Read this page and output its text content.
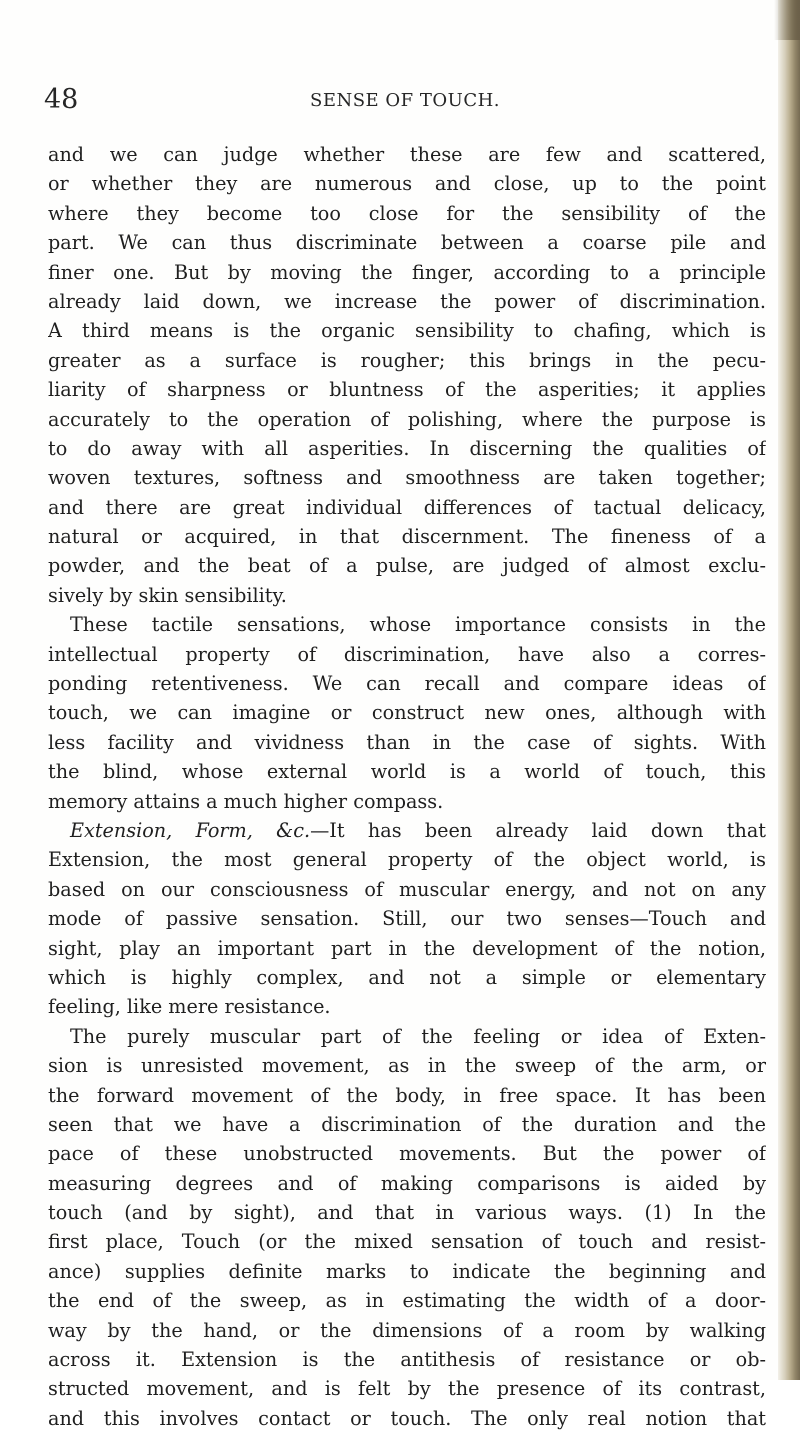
48	SENSE OF TOUCH.
and we can judge whether these are few and scattered,
or whether they are numerous and close, up to the point
where they become too close for the sensibility of the
part. We can thus discriminate between a coarse pile and
finer one. But by moving the finger, according to a principle
already laid down, we increase the power of discrimination.
A third means is the organic sensibility to chafing, which is
greater as a surface is rougher; this brings in the pecu-
liarity of sharpness or bluntness of the asperities; it applies
accurately to the operation of polishing, where the purpose is
to do away with all asperities. In discerning the qualities of
woven textures, softness and smoothness are taken together;
and there are great individual differences of tactual delicacy,
natural or acquired, in that discernment. The fineness of a
powder, and the beat of a pulse, are judged of almost exclu-
sively by skin sensibility.
These tactile sensations, whose importance consists in the
intellectual property of discrimination, have also a corres-
ponding retentiveness. We can recall and compare ideas of
touch, we can imagine or construct new ones, although with
less facility and vividness than in the case of sights. With
the blind, whose external world is a world of touch, this
memory attains a much higher compass.
Extension, Form, &c.—It has been already laid down that
Extension, the most general property of the object world, is
based on our consciousness of muscular energy, and not on any
mode of passive sensation. Still, our two senses—Touch and
sight, play an important part in the development of the notion,
which is highly complex, and not a simple or elementary
feeling, like mere resistance.
The purely muscular part of the feeling or idea of Exten-
sion is unresisted movement, as in the sweep of the arm, or
the forward movement of the body, in free space. It has been
seen that we have a discrimination of the duration and the
pace of these unobstructed movements. But the power of
measuring degrees and of making comparisons is aided by
touch (and by sight), and that in various ways. (1) In the
first place, Touch (or the mixed sensation of touch and resist-
ance) supplies definite marks to indicate the beginning and
the end of the sweep, as in estimating the width of a door-
way by the hand, or the dimensions of a room by walking
across it. Extension is the antithesis of resistance or ob-
structed movement, and is felt by the presence of its contrast,
and this involves contact or touch. The only real notion that
